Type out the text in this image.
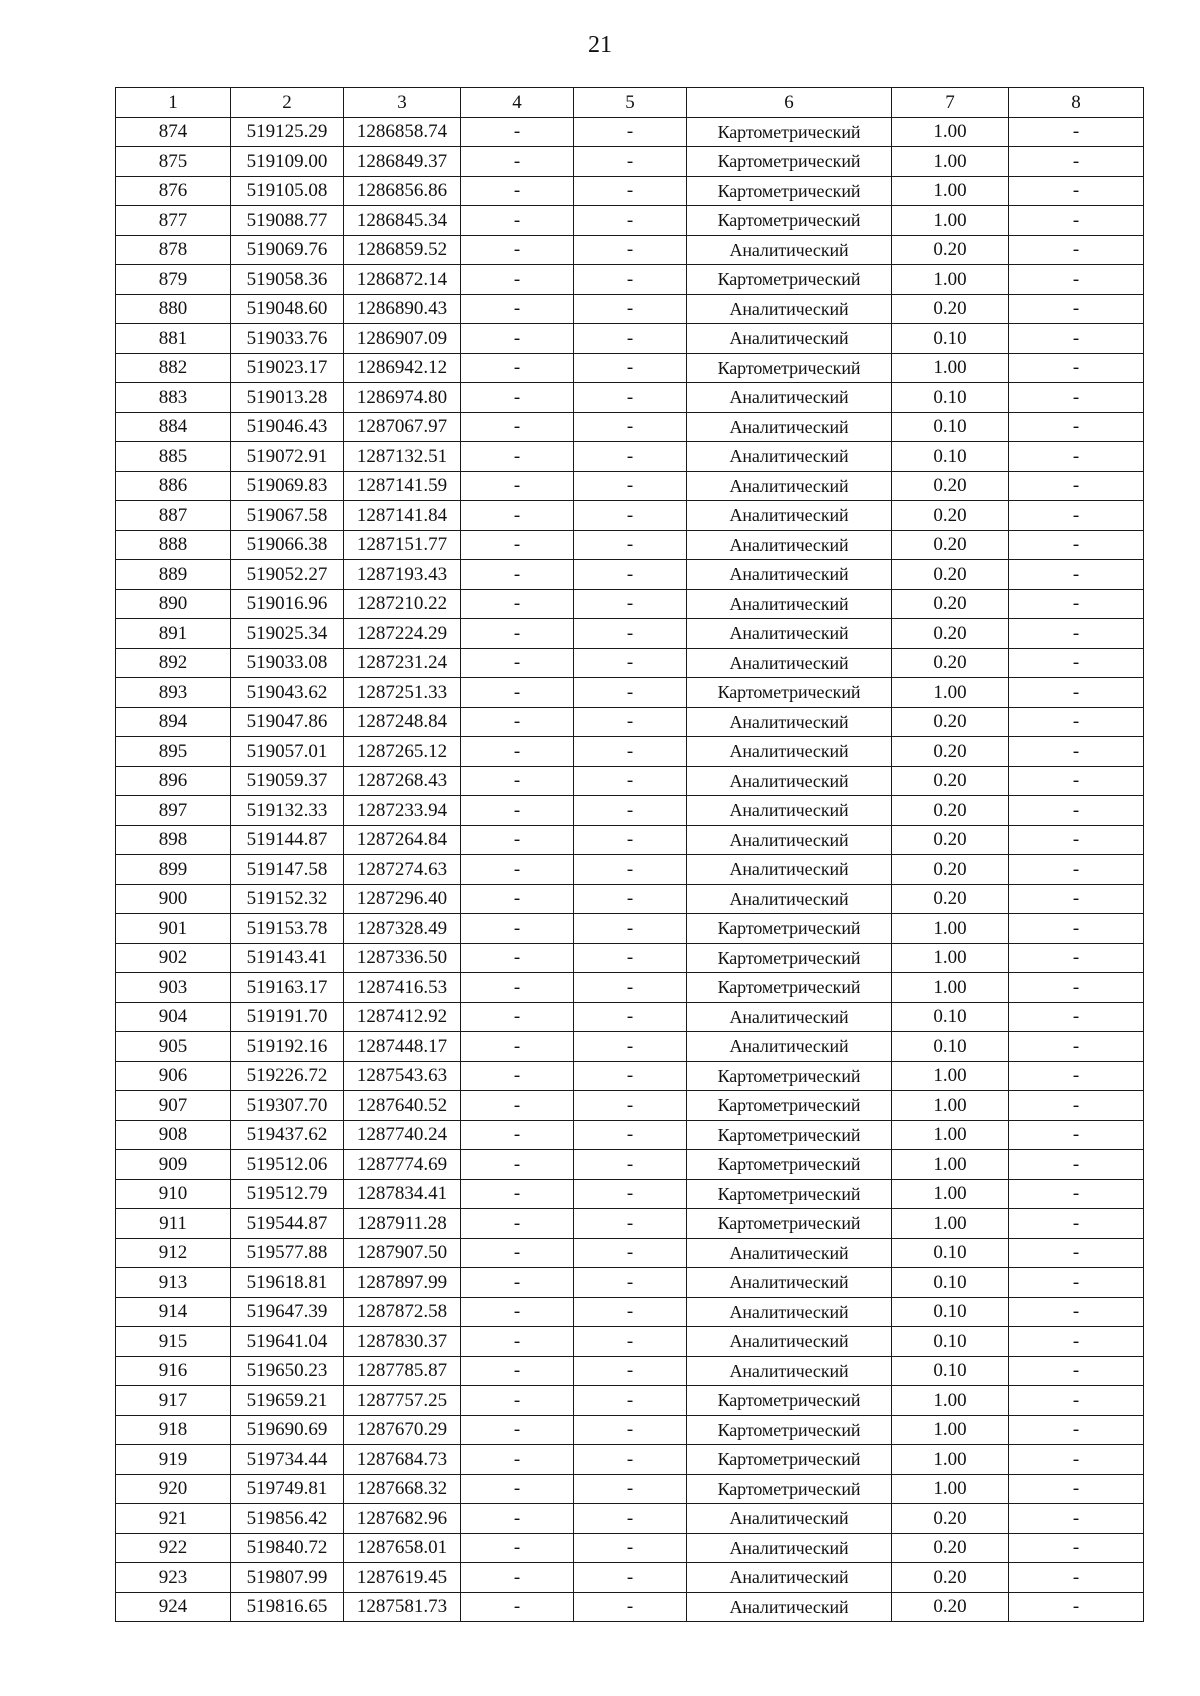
21
1	2	3	4	5	6	7	8
874	519125.29	1286858.74	-	-	Картометрический	1.00	-
875	519109.00	1286849.37	-	-	Картометрический	1.00	-
876	519105.08	1286856.86	-	-	Картометрический	1.00	-
877	519088.77	1286845.34	-	-	Картометрический	1.00	-
878	519069.76	1286859.52	-	-	Аналитический	0.20	-
879	519058.36	1286872.14	-	-	Картометрический	1.00	-
880	519048.60	1286890.43	-	-	Аналитический	0.20	-
881	519033.76	1286907.09	-	-	Аналитический	0.10	-
882	519023.17	1286942.12	-	-	Картометрический	1.00	-
883	519013.28	1286974.80	-	-	Аналитический	0.10	-
884	519046.43	1287067.97	-	-	Аналитический	0.10	-
885	519072.91	1287132.51	-	-	Аналитический	0.10	-
886	519069.83	1287141.59	-	-	Аналитический	0.20	-
887	519067.58	1287141.84	-	-	Аналитический	0.20	-
888	519066.38	1287151.77	-	-	Аналитический	0.20	-
889	519052.27	1287193.43	-	-	Аналитический	0.20	-
890	519016.96	1287210.22	-	-	Аналитический	0.20	-
891	519025.34	1287224.29	-	-	Аналитический	0.20	-
892	519033.08	1287231.24	-	-	Аналитический	0.20	-
893	519043.62	1287251.33	-	-	Картометрический	1.00	-
894	519047.86	1287248.84	-	-	Аналитический	0.20	-
895	519057.01	1287265.12	-	-	Аналитический	0.20	-
896	519059.37	1287268.43	-	-	Аналитический	0.20	-
897	519132.33	1287233.94	-	-	Аналитический	0.20	-
898	519144.87	1287264.84	-	-	Аналитический	0.20	-
899	519147.58	1287274.63	-	-	Аналитический	0.20	-
900	519152.32	1287296.40	-	-	Аналитический	0.20	-
901	519153.78	1287328.49	-	-	Картометрический	1.00	-
902	519143.41	1287336.50	-	-	Картометрический	1.00	-
903	519163.17	1287416.53	-	-	Картометрический	1.00	-
904	519191.70	1287412.92	-	-	Аналитический	0.10	-
905	519192.16	1287448.17	-	-	Аналитический	0.10	-
906	519226.72	1287543.63	-	-	Картометрический	1.00	-
907	519307.70	1287640.52	-	-	Картометрический	1.00	-
908	519437.62	1287740.24	-	-	Картометрический	1.00	-
909	519512.06	1287774.69	-	-	Картометрический	1.00	-
910	519512.79	1287834.41	-	-	Картометрический	1.00	-
911	519544.87	1287911.28	-	-	Картометрический	1.00	-
912	519577.88	1287907.50	-	-	Аналитический	0.10	-
913	519618.81	1287897.99	-	-	Аналитический	0.10	-
914	519647.39	1287872.58	-	-	Аналитический	0.10	-
915	519641.04	1287830.37	-	-	Аналитический	0.10	-
916	519650.23	1287785.87	-	-	Аналитический	0.10	-
917	519659.21	1287757.25	-	-	Картометрический	1.00	-
918	519690.69	1287670.29	-	-	Картометрический	1.00	-
919	519734.44	1287684.73	-	-	Картометрический	1.00	-
920	519749.81	1287668.32	-	-	Картометрический	1.00	-
921	519856.42	1287682.96	-	-	Аналитический	0.20	-
922	519840.72	1287658.01	-	-	Аналитический	0.20	-
923	519807.99	1287619.45	-	-	Аналитический	0.20	-
924	519816.65	1287581.73	-	-	Аналитический	0.20	-
